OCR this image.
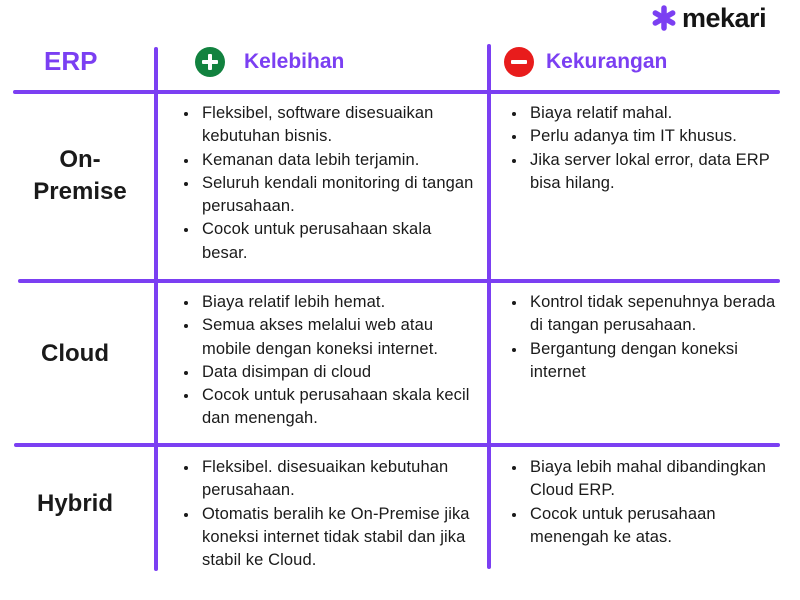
mekari
ERP	Kelebihan	Kekurangan
On-
Premise
• Fleksibel, software disesuaikan kebutuhan bisnis.
• Kemanan data lebih terjamin.
• Seluruh kendali monitoring di tangan perusahaan.
• Cocok untuk perusahaan skala besar.
• Biaya relatif mahal.
• Perlu adanya tim IT khusus.
• Jika server lokal error, data ERP bisa hilang.
Cloud
• Biaya relatif lebih hemat.
• Semua akses melalui web atau mobile dengan koneksi internet.
• Data disimpan di cloud
• Cocok untuk perusahaan skala kecil dan menengah.
• Kontrol tidak sepenuhnya berada di tangan perusahaan.
• Bergantung dengan koneksi internet
Hybrid
• Fleksibel. disesuaikan kebutuhan perusahaan.
• Otomatis beralih ke On-Premise jika koneksi internet tidak stabil dan jika stabil ke Cloud.
• Biaya lebih mahal dibandingkan Cloud ERP.
• Cocok untuk perusahaan menengah ke atas.
